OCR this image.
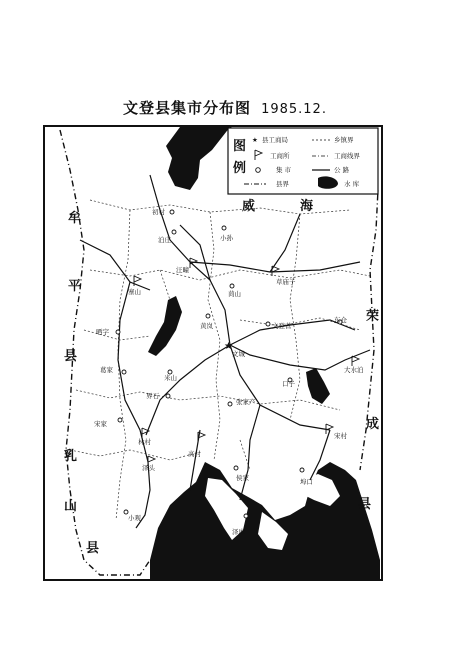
文登县集市分布图 1985.12.
图
例
★ 县工商局	乡镇界
工商所	工商线界
集 市	公 路
县界	水 库
牟
平
县
威	海
荣
成
县
乳
山
县
★
初村
泊庄	小孙
汪疃
草庙子
寨山	苘山
黄岚	文登营
张家产
侯家
葛家
宋村
大水泊
口子
米山
高村
林村
泽头
小观
界石
晒字
文城
埠口
东仓
宋家
泽库
